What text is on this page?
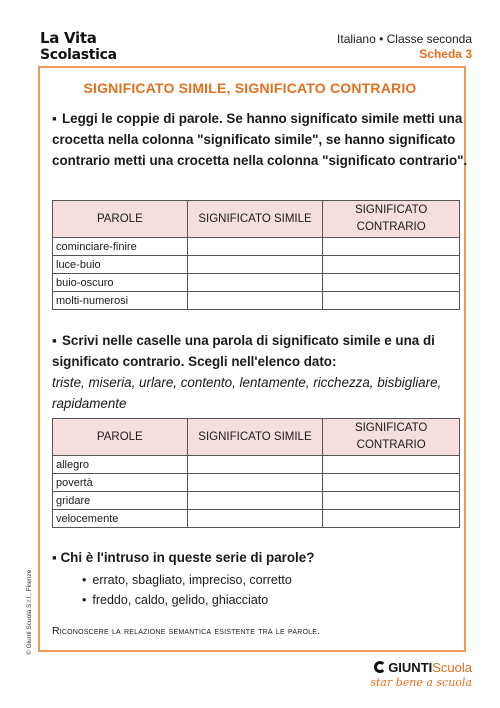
La Vita
Scolastica
Italiano • Classe seconda
Scheda 3
SIGNIFICATO SIMILE, SIGNIFICATO CONTRARIO
▪ Leggi le coppie di parole. Se hanno significato simile metti una crocetta nella colonna "significato simile", se hanno significato contrario metti una crocetta nella colonna "significato contrario".
PAROLE	SIGNIFICATO SIMILE	SIGNIFICATO CONTRARIO
cominciare-finire		
luce-buio		
buio-oscuro		
molti-numerosi		
▪ Scrivi nelle caselle una parola di significato simile e una di significato contrario. Scegli nell'elenco dato:
triste, miseria, urlare, contento, lentamente, ricchezza, bisbigliare, rapidamente
PAROLE	SIGNIFICATO SIMILE	SIGNIFICATO CONTRARIO
allegro		
povertà		
gridare		
velocemente		
▪ Chi è l'intruso in queste serie di parole?
• errato, sbagliato, impreciso, corretto
• freddo, caldo, gelido, ghiacciato
Riconoscere la relazione semantica esistente tra le parole.
© Giunti Scuola S.r.l., Firenze
GIUNTIScuola
star bene a scuola
